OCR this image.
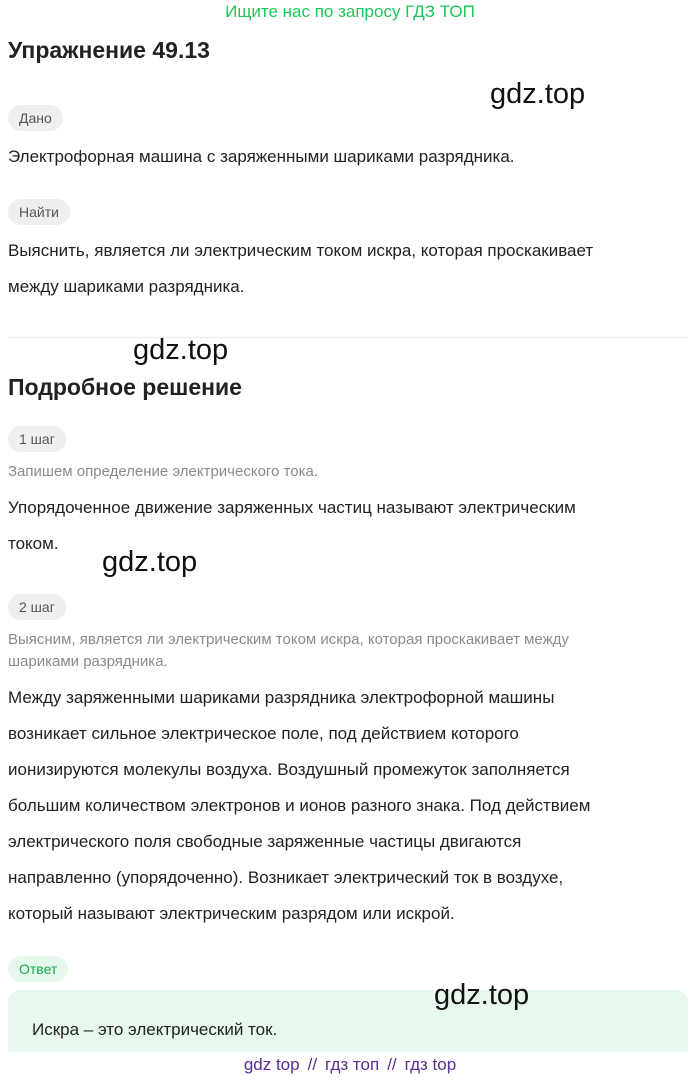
Ищите нас по запросу ГДЗ ТОП
Упражнение 49.13
gdz.top
Дано

Электрофорная машина с заряженными шариками разрядника.

Найти

Выяснить, является ли электрическим током искра, которая проскакивает

между шариками разрядника.

gdz.top
Подробное решение
1 шаг

Запишем определение электрического тока.

Упорядоченное движение заряженных частиц называют электрическим

током.

gdz.top
2 шаг

Выясним, является ли электрическим током искра, которая проскакивает между

шариками разрядника.

Между заряженными шариками разрядника электрофорной машины

возникает сильное электрическое поле, под действием которого

ионизируются молекулы воздуха. Воздушный промежуток заполняется

большим количеством электронов и ионов разного знака. Под действием

электрического поля свободные заряженные частицы двигаются

направленно (упорядоченно). Возникает электрический ток в воздухе,

который называют электрическим разрядом или искрой.

Ответ

Искра – это электрический ток.

gdz.top
gdz top // гдз топ // гдз top
